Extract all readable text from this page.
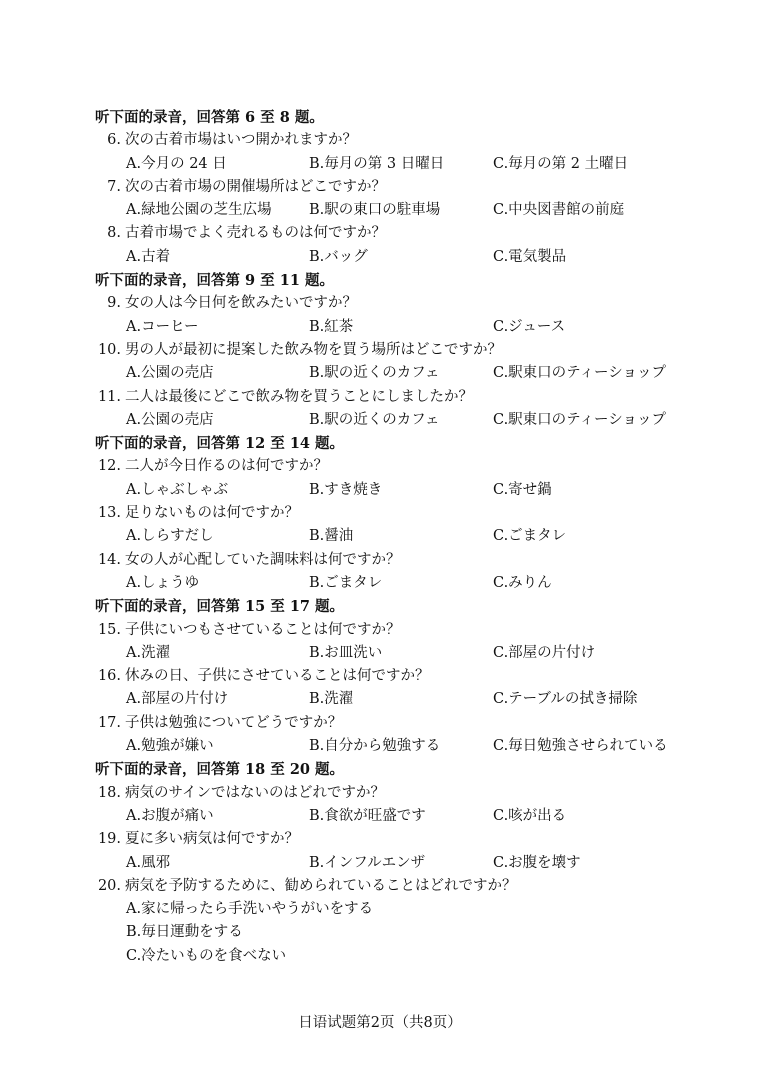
听下面的录音，回答第 6 至 8 题。
6. 次の古着市場はいつ開かれますか？
A.今月の 24 日	B.毎月の第 3 日曜日	C.毎月の第 2 土曜日
7. 次の古着市場の開催場所はどこですか？
A.緑地公園の芝生広場	B.駅の東口の駐車場	C.中央図書館の前庭
8. 古着市場でよく売れるものは何ですか？
A.古着	B.バッグ	C.電気製品
听下面的录音，回答第 9 至 11 题。
9. 女の人は今日何を飲みたいですか？
A.コーヒー	B.紅茶	C.ジュース
10. 男の人が最初に提案した飲み物を買う場所はどこですか？
A.公園の売店	B.駅の近くのカフェ	C.駅東口のティーショップ
11. 二人は最後にどこで飲み物を買うことにしましたか？
A.公園の売店	B.駅の近くのカフェ	C.駅東口のティーショップ
听下面的录音，回答第 12 至 14 题。
12. 二人が今日作るのは何ですか？
A.しゃぶしゃぶ	B.すき焼き	C.寄せ鍋
13. 足りないものは何ですか？
A.しらすだし	B.醤油	C.ごまタレ
14. 女の人が心配していた調味料は何ですか？
A.しょうゆ	B.ごまタレ	C.みりん
听下面的录音，回答第 15 至 17 题。
15. 子供にいつもさせていることは何ですか？
A.洗濯	B.お皿洗い	C.部屋の片付け
16. 休みの日、子供にさせていることは何ですか？
A.部屋の片付け	B.洗濯	C.テーブルの拭き掃除
17. 子供は勉強についてどうですか？
A.勉強が嫌い	B.自分から勉強する	C.毎日勉強させられている
听下面的录音，回答第 18 至 20 题。
18. 病気のサインではないのはどれですか？
A.お腹が痛い	B.食欲が旺盛です	C.咳が出る
19. 夏に多い病気は何ですか？
A.風邪	B.インフルエンザ	C.お腹を壊す
20. 病気を予防するために、勧められていることはどれですか？
A.家に帰ったら手洗いやうがいをする
B.毎日運動をする
C.冷たいものを食べない
日语试题第2页（共8页）
